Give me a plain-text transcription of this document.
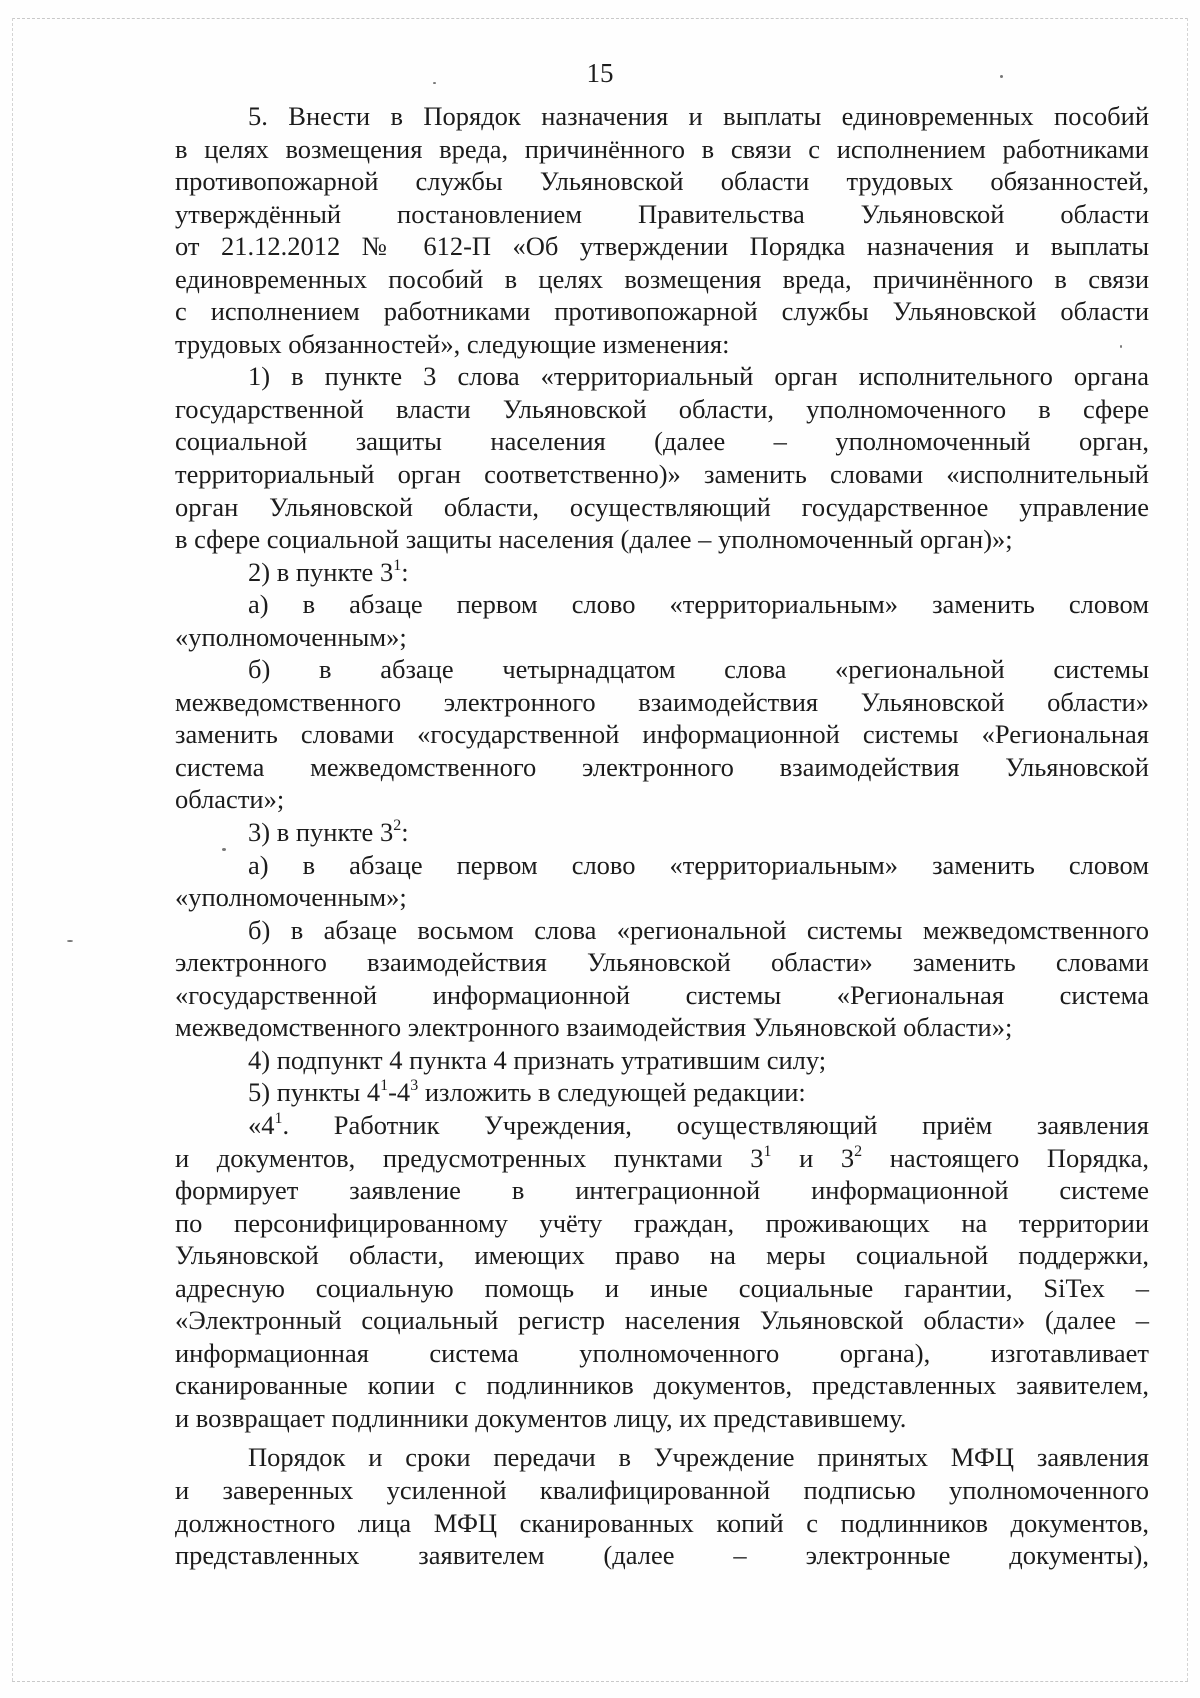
15
5. Внести в Порядок назначения и выплаты единовременных пособий
в целях возмещения вреда, причинённого в связи с исполнением работниками
противопожарной службы Ульяновской области трудовых обязанностей,
утверждённый постановлением Правительства Ульяновской области
от 21.12.2012 № 612-П «Об утверждении Порядка назначения и выплаты
единовременных пособий в целях возмещения вреда, причинённого в связи
с исполнением работниками противопожарной службы Ульяновской области
трудовых обязанностей», следующие изменения:
1) в пункте 3 слова «территориальный орган исполнительного органа
государственной власти Ульяновской области, уполномоченного в сфере
социальной защиты населения (далее – уполномоченный орган,
территориальный орган соответственно)» заменить словами «исполнительный
орган Ульяновской области, осуществляющий государственное управление
в сфере социальной защиты населения (далее – уполномоченный орган)»;
2) в пункте $3^1$:
а) в абзаце первом слово «территориальным» заменить словом
«уполномоченным»;
б) в абзаце четырнадцатом слова «региональной системы
межведомственного электронного взаимодействия Ульяновской области»
заменить словами «государственной информационной системы «Региональная
система межведомственного электронного взаимодействия Ульяновской
области»;
3) в пункте $3^2$:
а) в абзаце первом слово «территориальным» заменить словом
«уполномоченным»;
б) в абзаце восьмом слова «региональной системы межведомственного
электронного взаимодействия Ульяновской области» заменить словами
«государственной информационной системы «Региональная система
межведомственного электронного взаимодействия Ульяновской области»;
4) подпункт 4 пункта 4 признать утратившим силу;
5) пункты $4^1-4^3$ изложить в следующей редакции:
«$4^1$. Работник Учреждения, осуществляющий приём заявления
и документов, предусмотренных пунктами $3^1$ и $3^2$ настоящего Порядка,
формирует заявление в интеграционной информационной системе
по персонифицированному учёту граждан, проживающих на территории
Ульяновской области, имеющих право на меры социальной поддержки,
адресную социальную помощь и иные социальные гарантии, SiTex –
«Электронный социальный регистр населения Ульяновской области» (далее –
информационная система уполномоченного органа), изготавливает
сканированные копии с подлинников документов, представленных заявителем,
и возвращает подлинники документов лицу, их представившему.
Порядок и сроки передачи в Учреждение принятых МФЦ заявления
и заверенных усиленной квалифицированной подписью уполномоченного
должностного лица МФЦ сканированных копий с подлинников документов,
представленных заявителем (далее – электронные документы),
